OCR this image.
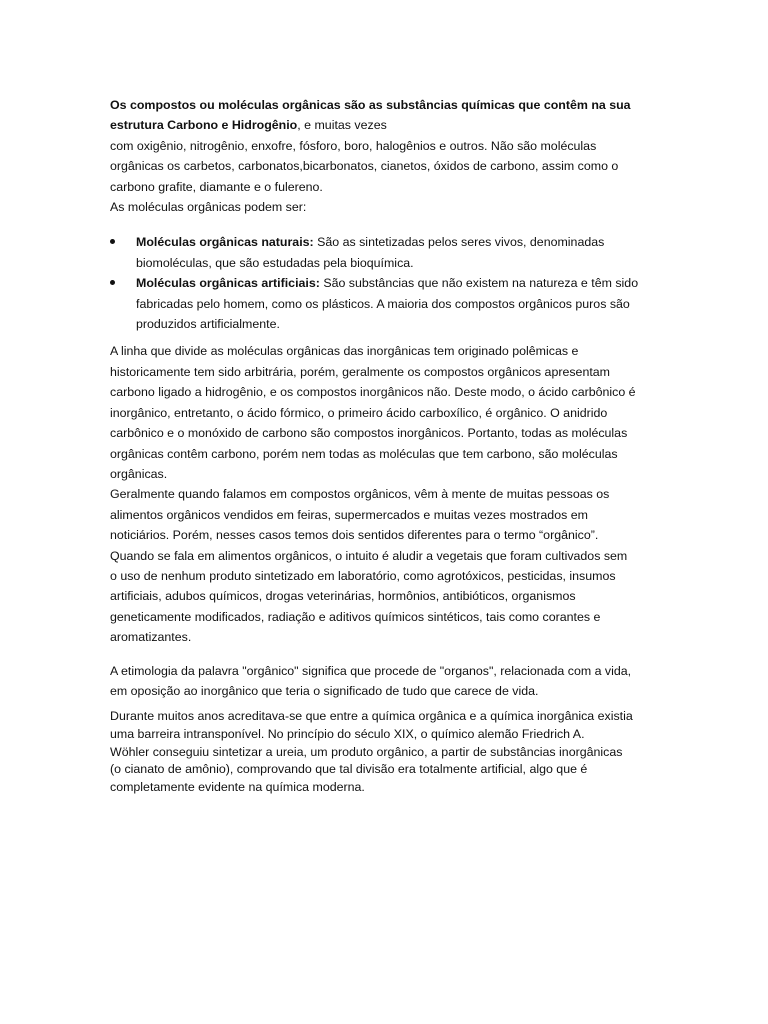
Os compostos ou moléculas orgânicas são as substâncias químicas que contêm na sua
estrutura Carbono e Hidrogênio, e muitas vezes
com oxigênio, nitrogênio, enxofre, fósforo, boro, halogênios e outros. Não são moléculas
orgânicas os carbetos, carbonatos,bicarbonatos, cianetos, óxidos de carbono, assim como o
carbono grafite, diamante e o fulereno.
As moléculas orgânicas podem ser:
Moléculas orgânicas naturais: São as sintetizadas pelos seres vivos, denominadas
biomoléculas, que são estudadas pela bioquímica.
Moléculas orgânicas artificiais: São substâncias que não existem na natureza e têm sido
fabricadas pelo homem, como os plásticos. A maioria dos compostos orgânicos puros são
produzidos artificialmente.
A linha que divide as moléculas orgânicas das inorgânicas tem originado polêmicas e
historicamente tem sido arbitrária, porém, geralmente os compostos orgânicos apresentam
carbono ligado a hidrogênio, e os compostos inorgânicos não. Deste modo, o ácido carbônico é
inorgânico, entretanto, o ácido fórmico, o primeiro ácido carboxílico, é orgânico. O anidrido
carbônico e o monóxido de carbono são compostos inorgânicos. Portanto, todas as moléculas
orgânicas contêm carbono, porém nem todas as moléculas que tem carbono, são moléculas
orgânicas.
Geralmente quando falamos em compostos orgânicos, vêm à mente de muitas pessoas os
alimentos orgânicos vendidos em feiras, supermercados e muitas vezes mostrados em
noticiários. Porém, nesses casos temos dois sentidos diferentes para o termo “orgânico”.
Quando se fala em alimentos orgânicos, o intuito é aludir a vegetais que foram cultivados sem
o uso de nenhum produto sintetizado em laboratório, como agrotóxicos, pesticidas, insumos
artificiais, adubos químicos, drogas veterinárias, hormônios, antibióticos, organismos
geneticamente modificados, radiação e aditivos químicos sintéticos, tais como corantes e
aromatizantes.
A etimologia da palavra "orgânico" significa que procede de "organos", relacionada com a vida,
em oposição ao inorgânico que teria o significado de tudo que carece de vida.
Durante muitos anos acreditava-se que entre a química orgânica e a química inorgânica existia
uma barreira intransponível. No princípio do século XIX, o químico alemão Friedrich A.
Wöhler conseguiu sintetizar a ureia, um produto orgânico, a partir de substâncias inorgânicas
(o cianato de amônio), comprovando que tal divisão era totalmente artificial, algo que é
completamente evidente na química moderna.
